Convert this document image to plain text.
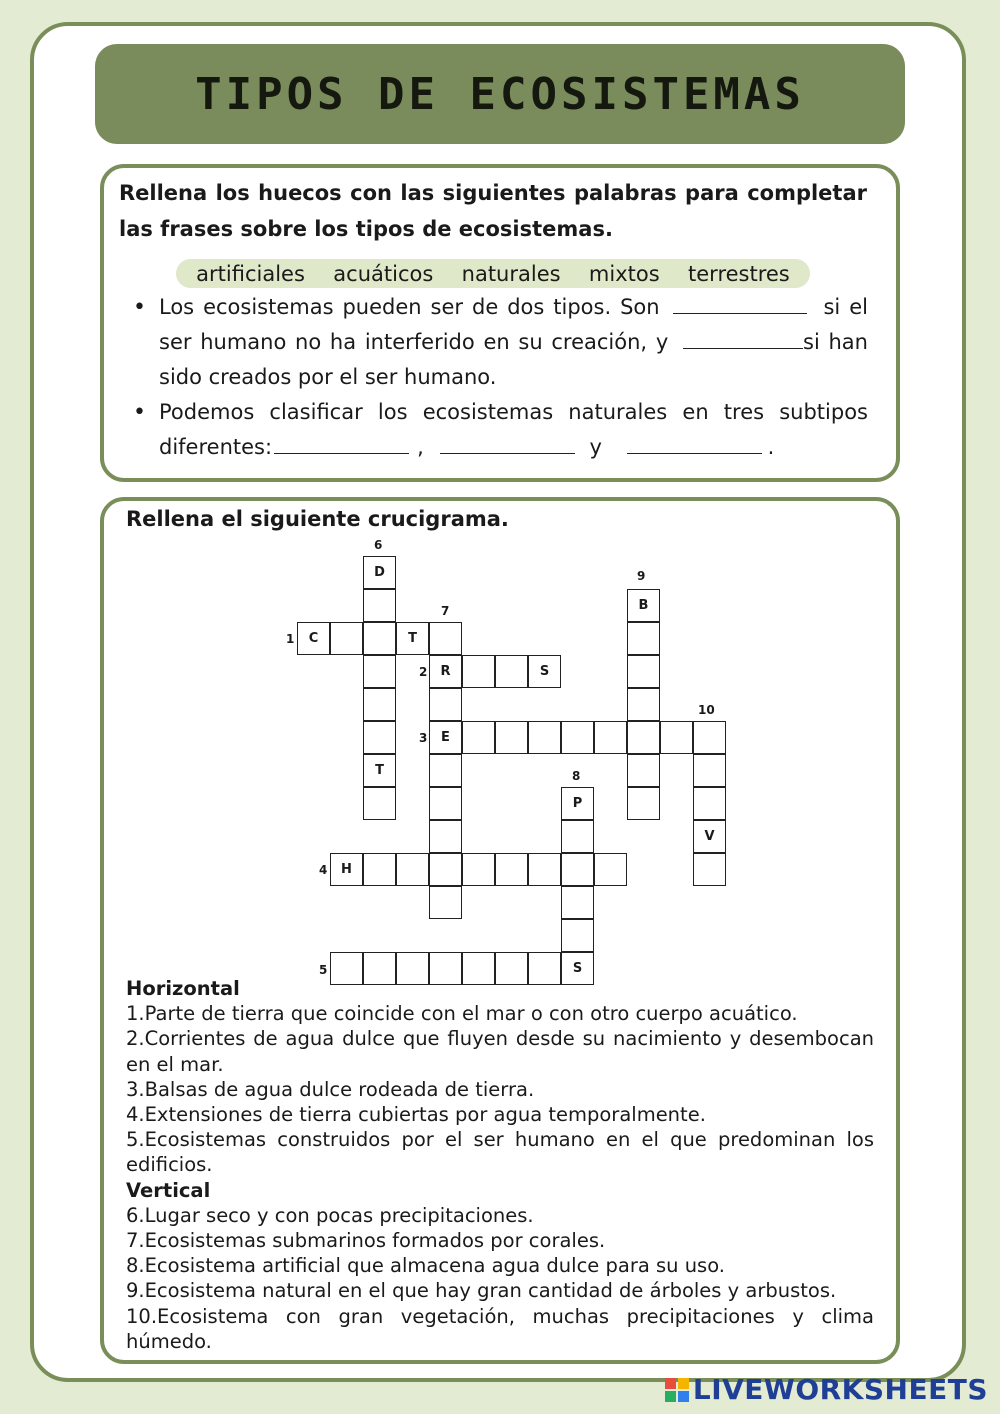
TIPOS DE ECOSISTEMAS
Rellena los huecos con las siguientes palabras para completar las frases sobre los tipos de ecosistemas.
artificiales acuáticos naturales mixtos terrestres
• Los ecosistemas pueden ser de dos tipos. Son	si el ser humano no ha interferido en su creación, y	si han sido creados por el ser humano.
• Podemos clasificar los ecosistemas naturales en tres subtipos diferentes:	,	y	.
Rellena el siguiente crucigrama.
C	T
R	S
E
H
S
D
T
P
B
V
1
2
3
4
5
6
7
8
9
10
Horizontal
1.Parte de tierra que coincide con el mar o con otro cuerpo acuático.
2.Corrientes de agua dulce que fluyen desde su nacimiento y desembocan en el mar.
3.Balsas de agua dulce rodeada de tierra.
4.Extensiones de tierra cubiertas por agua temporalmente.
5.Ecosistemas construidos por el ser humano en el que predominan los edificios.
Vertical
6.Lugar seco y con pocas precipitaciones.
7.Ecosistemas submarinos formados por corales.
8.Ecosistema artificial que almacena agua dulce para su uso.
9.Ecosistema natural en el que hay gran cantidad de árboles y arbustos.
10.Ecosistema con gran vegetación, muchas precipitaciones y clima húmedo.
LIVEWORKSHEETS
